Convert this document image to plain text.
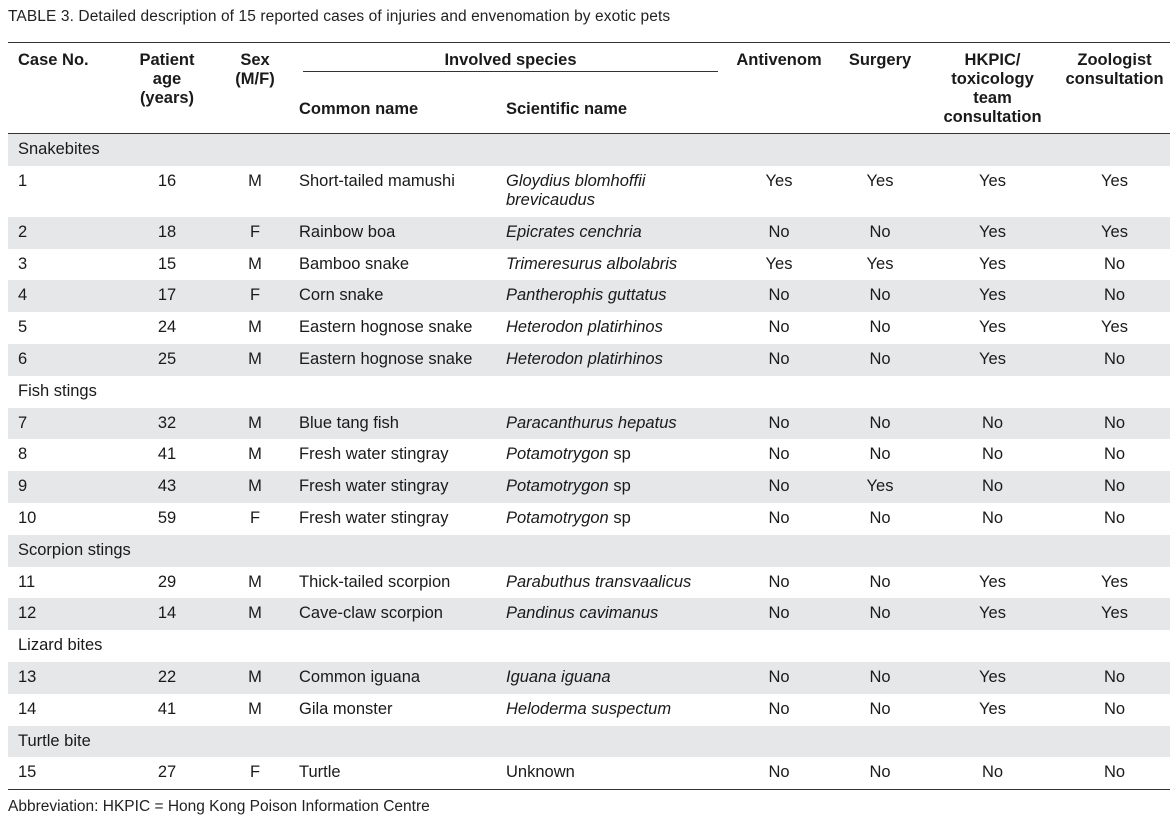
TABLE 3. Detailed description of 15 reported cases of injuries and envenomation by exotic pets
Case No.	Patient age (years)	Sex (M/F)	Involved species		Antivenom	Surgery	HKPIC/ toxicology team consultation	Zoologist consultation
			Common name	Scientific name				

Snakebites								

1	16	M	Short-tailed mamushi	Gloydius blomhoffii brevicaudus	Yes	Yes	Yes	Yes

2	18	F	Rainbow boa	Epicrates cenchria	No	No	Yes	Yes

3	15	M	Bamboo snake	Trimeresurus albolabris	Yes	Yes	Yes	No

4	17	F	Corn snake	Pantherophis guttatus	No	No	Yes	No

5	24	M	Eastern hognose snake	Heterodon platirhinos	No	No	Yes	Yes

6	25	M	Eastern hognose snake	Heterodon platirhinos	No	No	Yes	No

Fish stings								

7	32	M	Blue tang fish	Paracanthurus hepatus	No	No	No	No

8	41	M	Fresh water stingray	Potamotrygon sp	No	No	No	No

9	43	M	Fresh water stingray	Potamotrygon sp	No	Yes	No	No

10	59	F	Fresh water stingray	Potamotrygon sp	No	No	No	No

Scorpion stings								

11	29	M	Thick-tailed scorpion	Parabuthus transvaalicus	No	No	Yes	Yes

12	14	M	Cave-claw scorpion	Pandinus cavimanus	No	No	Yes	Yes

Lizard bites								

13	22	M	Common iguana	Iguana iguana	No	No	Yes	No

14	41	M	Gila monster	Heloderma suspectum	No	No	Yes	No

Turtle bite								

15	27	F	Turtle	Unknown	No	No	No	No
Abbreviation: HKPIC = Hong Kong Poison Information Centre
